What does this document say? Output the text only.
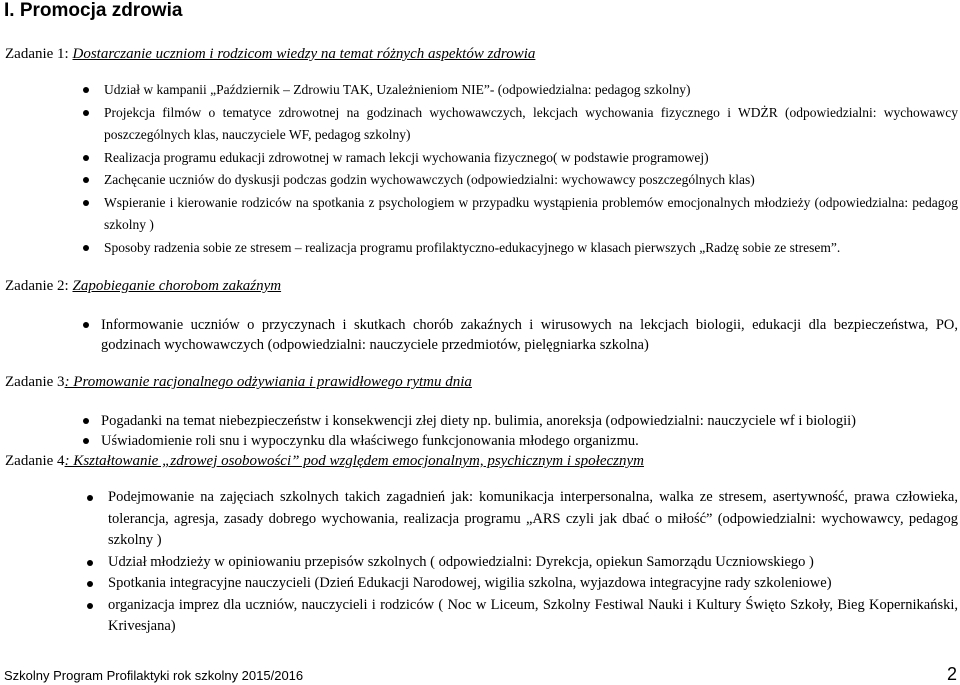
I. Promocja zdrowia
Zadanie 1: Dostarczanie uczniom i rodzicom wiedzy na temat różnych aspektów zdrowia
Udział w kampanii „Październik – Zdrowiu TAK, Uzależnieniom NIE”- (odpowiedzialna: pedagog szkolny)
Projekcja filmów o tematyce zdrowotnej na godzinach wychowawczych, lekcjach wychowania fizycznego i WDŻR (odpowiedzialni: wychowawcy poszczególnych klas, nauczyciele WF, pedagog szkolny)
Realizacja programu edukacji zdrowotnej w ramach lekcji wychowania fizycznego( w podstawie programowej)
Zachęcanie uczniów do dyskusji podczas godzin wychowawczych (odpowiedzialni: wychowawcy poszczególnych klas)
Wspieranie i kierowanie rodziców na spotkania z psychologiem w przypadku wystąpienia problemów emocjonalnych młodzieży (odpowiedzialna: pedagog szkolny )
Sposoby radzenia sobie ze stresem – realizacja programu profilaktyczno-edukacyjnego w klasach pierwszych „Radzę sobie ze stresem”.
Zadanie 2: Zapobieganie chorobom zakaźnym
Informowanie uczniów o przyczynach i skutkach chorób zakaźnych i wirusowych na lekcjach biologii, edukacji dla bezpieczeństwa, PO, godzinach wychowawczych (odpowiedzialni: nauczyciele przedmiotów, pielęgniarka szkolna)
Zadanie 3: Promowanie racjonalnego odżywiania i prawidłowego rytmu dnia
Pogadanki na temat niebezpieczeństw i konsekwencji złej diety np. bulimia, anoreksja (odpowiedzialni: nauczyciele wf i biologii)
Uświadomienie roli snu i wypoczynku dla właściwego funkcjonowania młodego organizmu.
Zadanie 4: Kształtowanie „zdrowej osobowości” pod względem emocjonalnym, psychicznym i społecznym
Podejmowanie na zajęciach szkolnych takich zagadnień jak: komunikacja interpersonalna, walka ze stresem, asertywność, prawa człowieka, tolerancja, agresja, zasady dobrego wychowania, realizacja programu „ARS czyli jak dbać o miłość” (odpowiedzialni: wychowawcy, pedagog szkolny )
Udział młodzieży w opiniowaniu przepisów szkolnych ( odpowiedzialni: Dyrekcja, opiekun Samorządu Uczniowskiego )
Spotkania integracyjne nauczycieli (Dzień Edukacji Narodowej, wigilia szkolna, wyjazdowa integracyjne rady szkoleniowe)
organizacja imprez dla uczniów, nauczycieli i rodziców ( Noc w Liceum, Szkolny Festiwal Nauki i Kultury Święto Szkoły, Bieg Kopernikański, Krivesjana)
Szkolny Program Profilaktyki rok szkolny 2015/2016	2
